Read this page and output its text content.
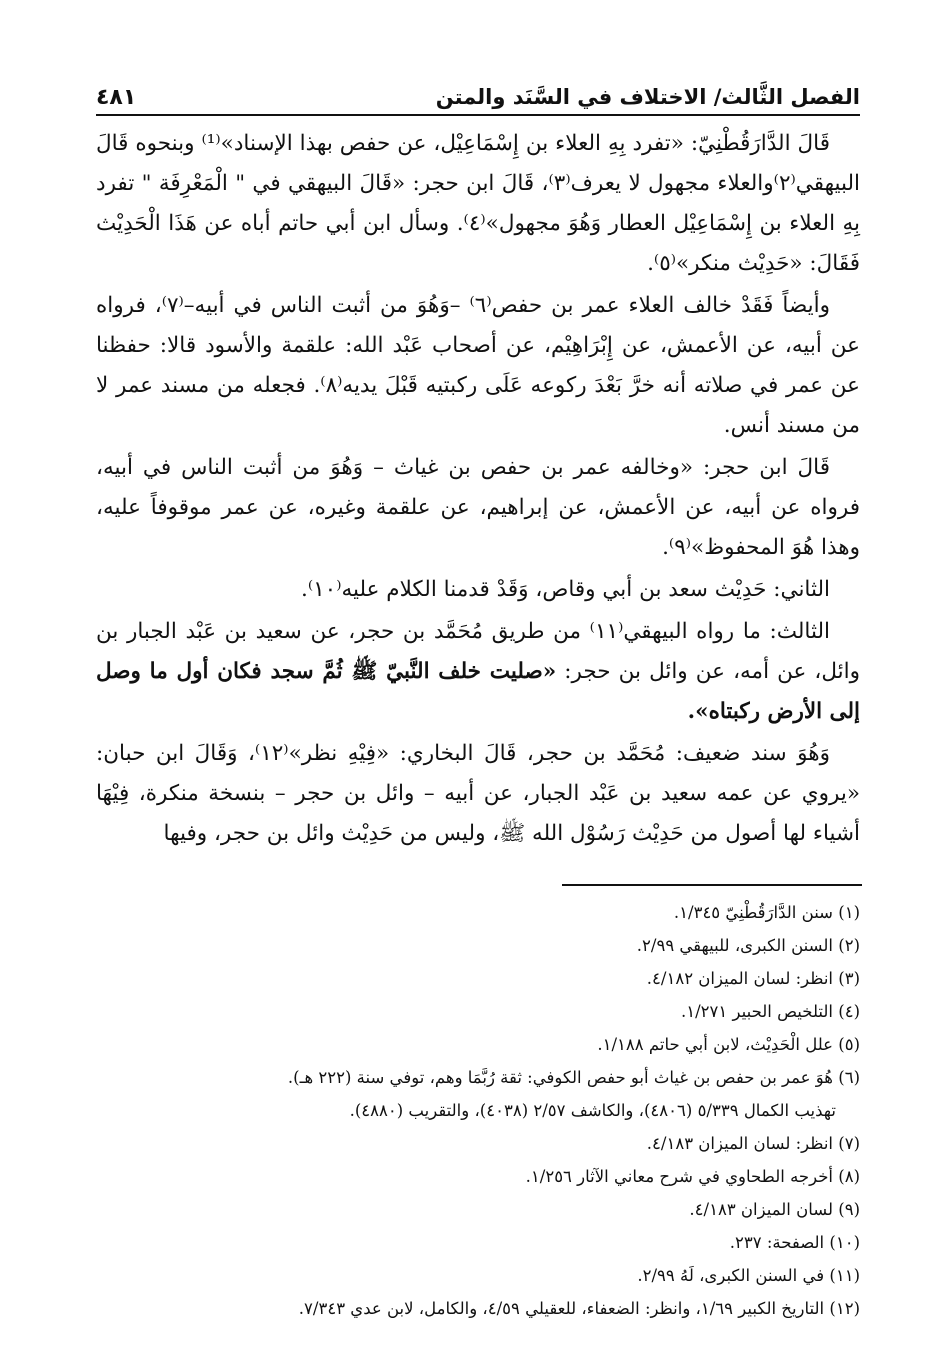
الفصل الثَّالث/ الاختلاف في السَّنَد والمتن
٤٨١

قَالَ الدَّارَقُطْنِيّ: «تفرد بِهِ العلاء بن إِسْمَاعِيْل، عن حفص بهذا الإسناد»⁽¹⁾ وبنحوه قَالَ البيهقي⁽٢⁾والعلاء مجهول لا يعرف⁽٣⁾، قَالَ ابن حجر: «قَالَ البيهقي في " الْمَعْرِفَة " تفرد بِهِ العلاء بن إِسْمَاعِيْل العطار وَهُوَ مجهول»⁽٤⁾. وسأل ابن أبي حاتم أباه عن هَذَا الْحَدِيْث فَقَالَ: «حَدِيْث منكر»⁽٥⁾.

وأيضاً فَقَدْ خالف العلاء عمر بن حفص⁽٦⁾ –وَهُوَ من أثبت الناس في أبيه–⁽٧⁾، فرواه عن أبيه، عن الأعمش، عن إِبْرَاهِيْم، عن أصحاب عَبْد الله: علقمة والأسود قالا: حفظنا عن عمر في صلاته أنه خرَّ بَعْدَ ركوعه عَلَى ركبتيه قَبْلَ يديه⁽٨⁾. فجعله من مسند عمر لا من مسند أنس.

قَالَ ابن حجر: «وخالفه عمر بن حفص بن غياث – وَهُوَ من أثبت الناس في أبيه، فرواه عن أبيه، عن الأعمش، عن إبراهيم، عن علقمة وغيره، عن عمر موقوفاً عليه، وهذا هُوَ المحفوظ»⁽٩⁾.

الثاني: حَدِيْث سعد بن أبي وقاص، وَقَدْ قدمنا الكلام عليه⁽١٠⁾.

الثالث: ما رواه البيهقي⁽١١⁾ من طريق مُحَمَّد بن حجر، عن سعيد بن عَبْد الجبار بن وائل، عن أمه، عن وائل بن حجر: «صليت خلف النَّبيّ ﷺ ثُمَّ سجد فكان أول ما وصل إلى الأرض ركبتاه».

وَهُوَ سند ضعيف: مُحَمَّد بن حجر، قَالَ البخاري: «فِيْهِ نظر»⁽١٢⁾، وَقَالَ ابن حبان: «يروي عن عمه سعيد بن عَبْد الجبار، عن أبيه – وائل بن حجر – بنسخة منكرة، فِيْهَا أشياء لها أصول من حَدِيْث رَسُوْل الله ﷺ، وليس من حَدِيْث وائل بن حجر، وفيها

(١) سنن الدَّارَقُطْنِيّ ١/٣٤٥.
(٢) السنن الكبرى، للبيهقي ٢/٩٩.
(٣) انظر: لسان الميزان ٤/١٨٢.
(٤) التلخيص الحبير ١/٢٧١.
(٥) علل الْحَدِيْث، لابن أبي حاتم ١/١٨٨.
(٦) هُوَ عمر بن حفص بن غياث أبو حفص الكوفي: ثقة رُبَّمَا وهم، توفي سنة (٢٢٢ هـ).
تهذيب الكمال ٥/٣٣٩ (٤٨٠٦)، والكاشف ٢/٥٧ (٤٠٣٨)، والتقريب (٤٨٨٠).
(٧) انظر: لسان الميزان ٤/١٨٣.
(٨) أخرجه الطحاوي في شرح معاني الآثار ١/٢٥٦.
(٩) لسان الميزان ٤/١٨٣.
(١٠) الصفحة: ٢٣٧.
(١١) في السنن الكبرى، لَهُ ٢/٩٩.
(١٢) التاريخ الكبير ١/٦٩، وانظر: الضعفاء، للعقيلي ٤/٥٩، والكامل، لابن عدي ٧/٣٤٣.
